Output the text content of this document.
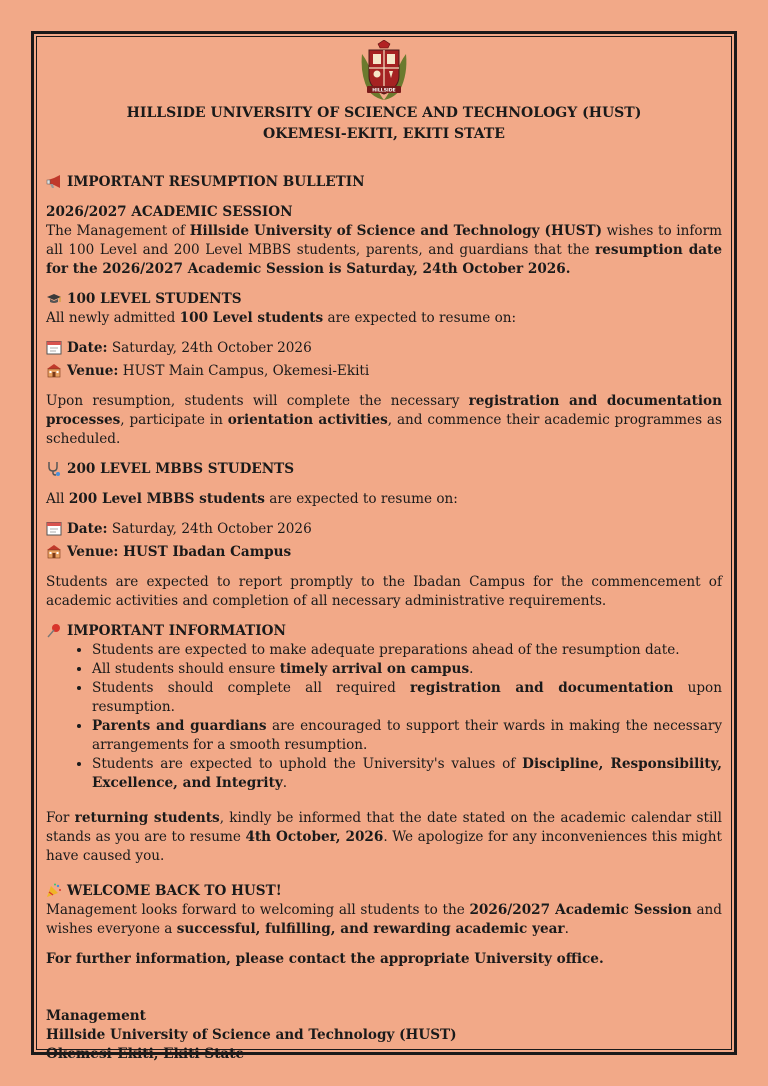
HILLSIDE
HILLSIDE UNIVERSITY OF SCIENCE AND TECHNOLOGY (HUST)
OKEMESI-EKITI, EKITI STATE

IMPORTANT RESUMPTION BULLETIN

2026/2027 ACADEMIC SESSION

The Management of Hillside University of Science and Technology (HUST) wishes to inform all 100 Level and 200 Level MBBS students, parents, and guardians that the resumption date for the 2026/2027 Academic Session is Saturday, 24th October 2026.

100 LEVEL STUDENTS

All newly admitted 100 Level students are expected to resume on:

Date: Saturday, 24th October 2026

Venue: HUST Main Campus, Okemesi-Ekiti

Upon resumption, students will complete the necessary registration and documentation processes, participate in orientation activities, and commence their academic programmes as scheduled.

200 LEVEL MBBS STUDENTS

All 200 Level MBBS students are expected to resume on:

Date: Saturday, 24th October 2026

Venue: HUST Ibadan Campus

Students are expected to report promptly to the Ibadan Campus for the commencement of academic activities and completion of all necessary administrative requirements.

IMPORTANT INFORMATION

• Students are expected to make adequate preparations ahead of the resumption date.
• All students should ensure timely arrival on campus.
• Students should complete all required registration and documentation upon resumption.
• Parents and guardians are encouraged to support their wards in making the necessary arrangements for a smooth resumption.
• Students are expected to uphold the University's values of Discipline, Responsibility, Excellence, and Integrity.

For returning students, kindly be informed that the date stated on the academic calendar still stands as you are to resume 4th October, 2026. We apologize for any inconveniences this might have caused you.

WELCOME BACK TO HUST!

Management looks forward to welcoming all students to the 2026/2027 Academic Session and wishes everyone a successful, fulfilling, and rewarding academic year.

For further information, please contact the appropriate University office.

Management

Hillside University of Science and Technology (HUST)

Okemesi-Ekiti, Ekiti State
